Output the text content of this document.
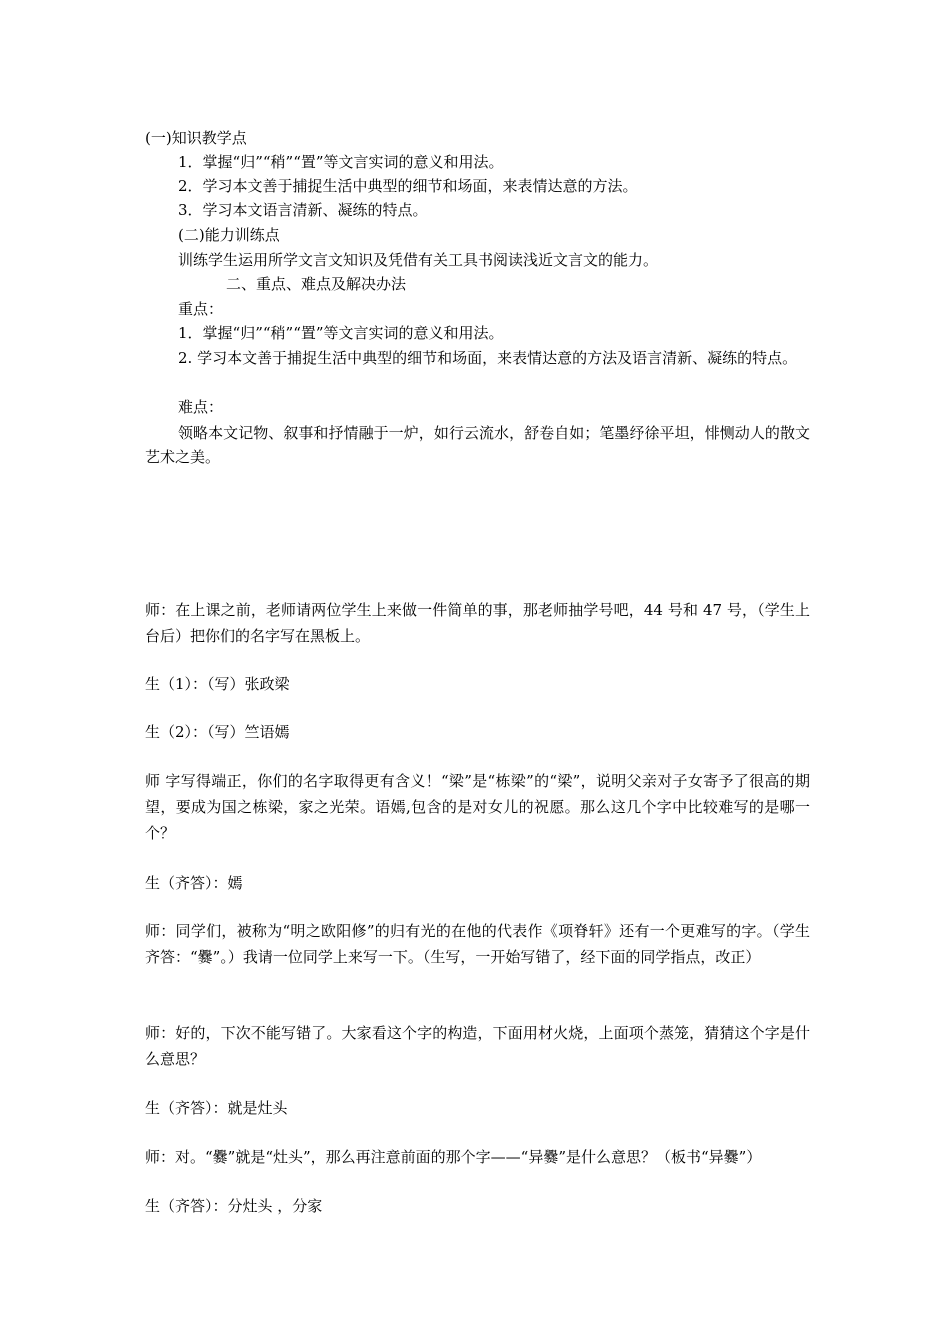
(一)知识教学点
1．掌握“归”“稍”“置”等文言实词的意义和用法。
2．学习本文善于捕捉生活中典型的细节和场面，来表情达意的方法。
3．学习本文语言清新、凝练的特点。
(二)能力训练点
训练学生运用所学文言文知识及凭借有关工具书阅读浅近文言文的能力。
二、重点、难点及解决办法
重点：
1．掌握“归”“稍”“置”等文言实词的意义和用法。
2. 学习本文善于捕捉生活中典型的细节和场面，来表情达意的方法及语言清新、凝练的特点。
难点：
领略本文记物、叙事和抒情融于一炉，如行云流水，舒卷自如；笔墨纾徐平坦，悱恻动人的散文艺术之美。
师：在上课之前，老师请两位学生上来做一件简单的事，那老师抽学号吧，44 号和 47 号，（学生上台后）把你们的名字写在黑板上。
生（1）：（写）张政梁
生（2）：（写）竺语嫣
师 字写得端正，你们的名字取得更有含义！“梁”是“栋梁”的“梁”，说明父亲对子女寄予了很高的期望，要成为国之栋梁，家之光荣。语嫣,包含的是对女儿的祝愿。那么这几个字中比较难写的是哪一个？
生（齐答）：嫣
师：同学们，被称为“明之欧阳修”的归有光的在他的代表作《项脊轩》还有一个更难写的字。（学生齐答：“爨”。）我请一位同学上来写一下。（生写，一开始写错了，经下面的同学指点，改正）
师：好的，下次不能写错了。大家看这个字的构造，下面用材火烧，上面项个蒸笼，猜猜这个字是什么意思？
生（齐答）：就是灶头
师：对。“爨”就是“灶头”，那么再注意前面的那个字——“异爨”是什么意思？（板书“异爨”）
生（齐答）：分灶头 ，分家
